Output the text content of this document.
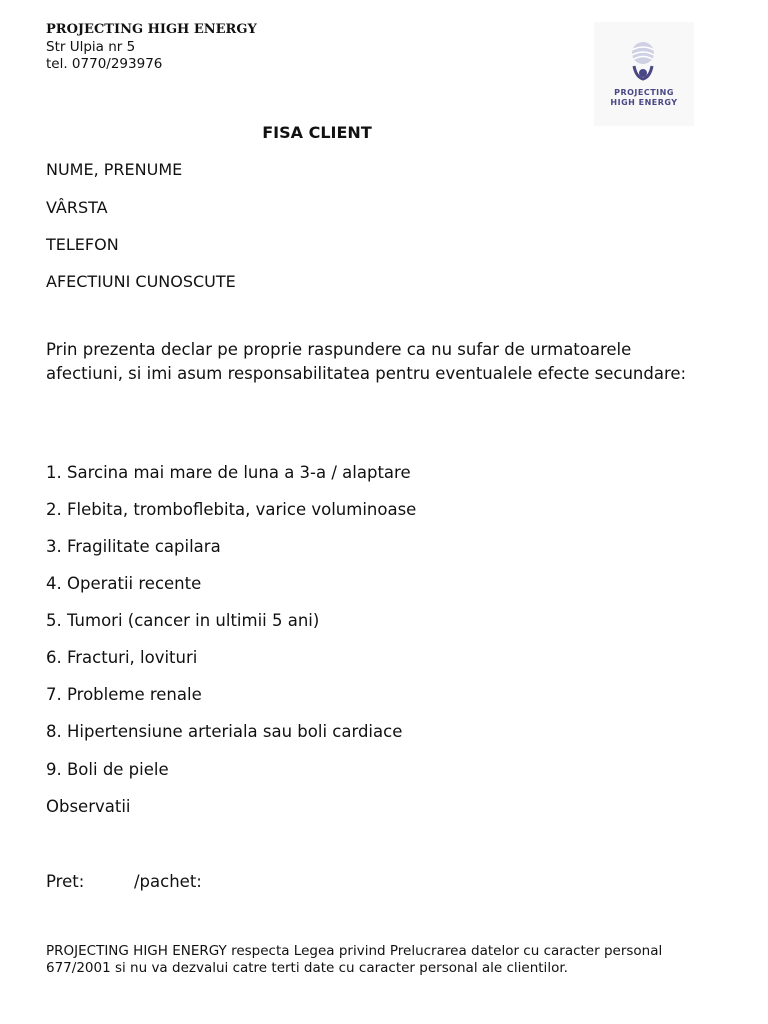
PROJECTING HIGH ENERGY
Str Ulpia nr 5
tel. 0770/293976
PROJECTING
HIGH ENERGY
FISA CLIENT
NUME, PRENUME
VÂRSTA
TELEFON
AFECTIUNI CUNOSCUTE
Prin prezenta declar pe proprie raspundere ca nu sufar de urmatoarele afectiuni, si imi asum responsabilitatea pentru eventualele efecte secundare:
1. Sarcina mai mare de luna a 3-a / alaptare
2. Flebita, tromboflebita, varice voluminoase
3. Fragilitate capilara
4. Operatii recente
5. Tumori (cancer in ultimii 5 ani)
6. Fracturi, lovituri
7. Probleme renale
8. Hipertensiune arteriala sau boli cardiace
9. Boli de piele
Observatii
Pret:	/pachet:
PROJECTING HIGH ENERGY respecta Legea privind Prelucrarea datelor cu caracter personal 677/2001 si nu va dezvalui catre terti date cu caracter personal ale clientilor.
